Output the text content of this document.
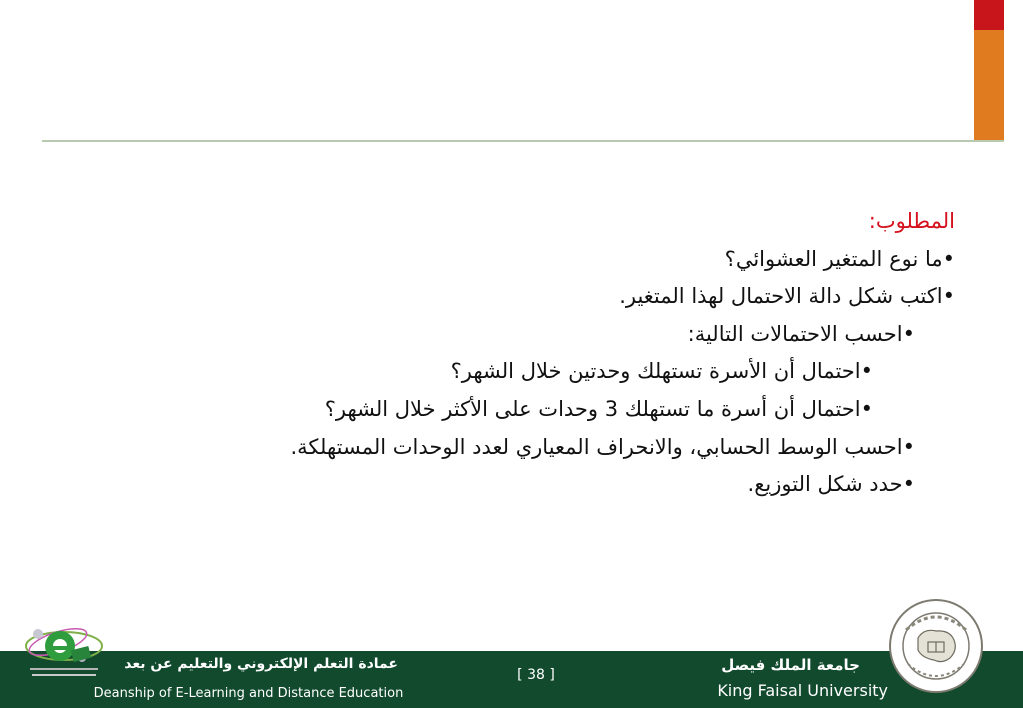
المطلوب:
•ما نوع المتغير العشوائي؟
•اكتب شكل دالة الاحتمال لهذا المتغير.
•احسب الاحتمالات التالية:
•احتمال أن الأسرة تستهلك وحدتين خلال الشهر؟
•احتمال أن أسرة ما تستهلك 3 وحدات على الأكثر خلال الشهر؟
•احسب الوسط الحسابي، والانحراف المعياري لعدد الوحدات المستهلكة.
•حدد شكل التوزيع.
جامعة الملك فيصل
King Faisal University
عمادة التعلم الإلكتروني والتعليم عن بعد
Deanship of E-Learning and Distance Education
[ 38 ]
